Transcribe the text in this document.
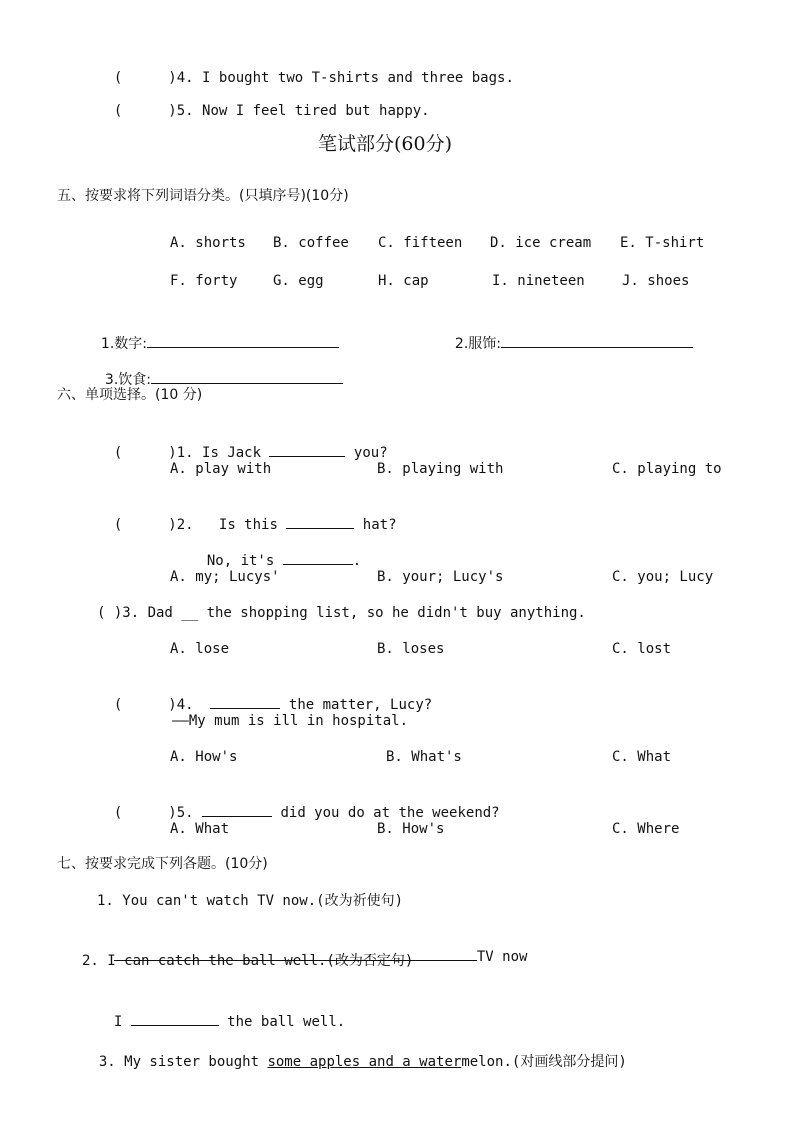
(	)4. I bought two T-shirts and three bags.

(	)5. Now I feel tired but happy.

笔试部分(60分)
五、按要求将下列词语分类。(只填序号)(10分)
A. shorts B. coffee C. fifteen D. ice cream E. T-shirt
F. forty	G. egg	H. cap	I. nineteen	J. shoes

1.数字:	2.服饰:

3.饮食:

六、单项选择。(10 分)

(	)1. Is Jack	you?

A. play with	B. playing with	C. playing to

(	)2. Is this	hat?

No, it's	.

A. my; Lucys'	B. your; Lucy's	C. you; Lucy
( )3. Dad __ the shopping list, so he didn't buy anything.
A. lose	B. loses	C. lost

(	)4.	the matter, Lucy?

——My mum is ill in hospital.
A. How's	B. What's	C. What

(	)5.	did you do at the weekend?

A. What	B. How's	C. Where
七、按要求完成下列各题。(10分)
1. You can't watch TV now.(改为祈使句)

TV now

2. I can catch the ball well.(改为否定句)

I	the ball well.

3. My sister bought some apples and a watermelon.(对画线部分提问)
